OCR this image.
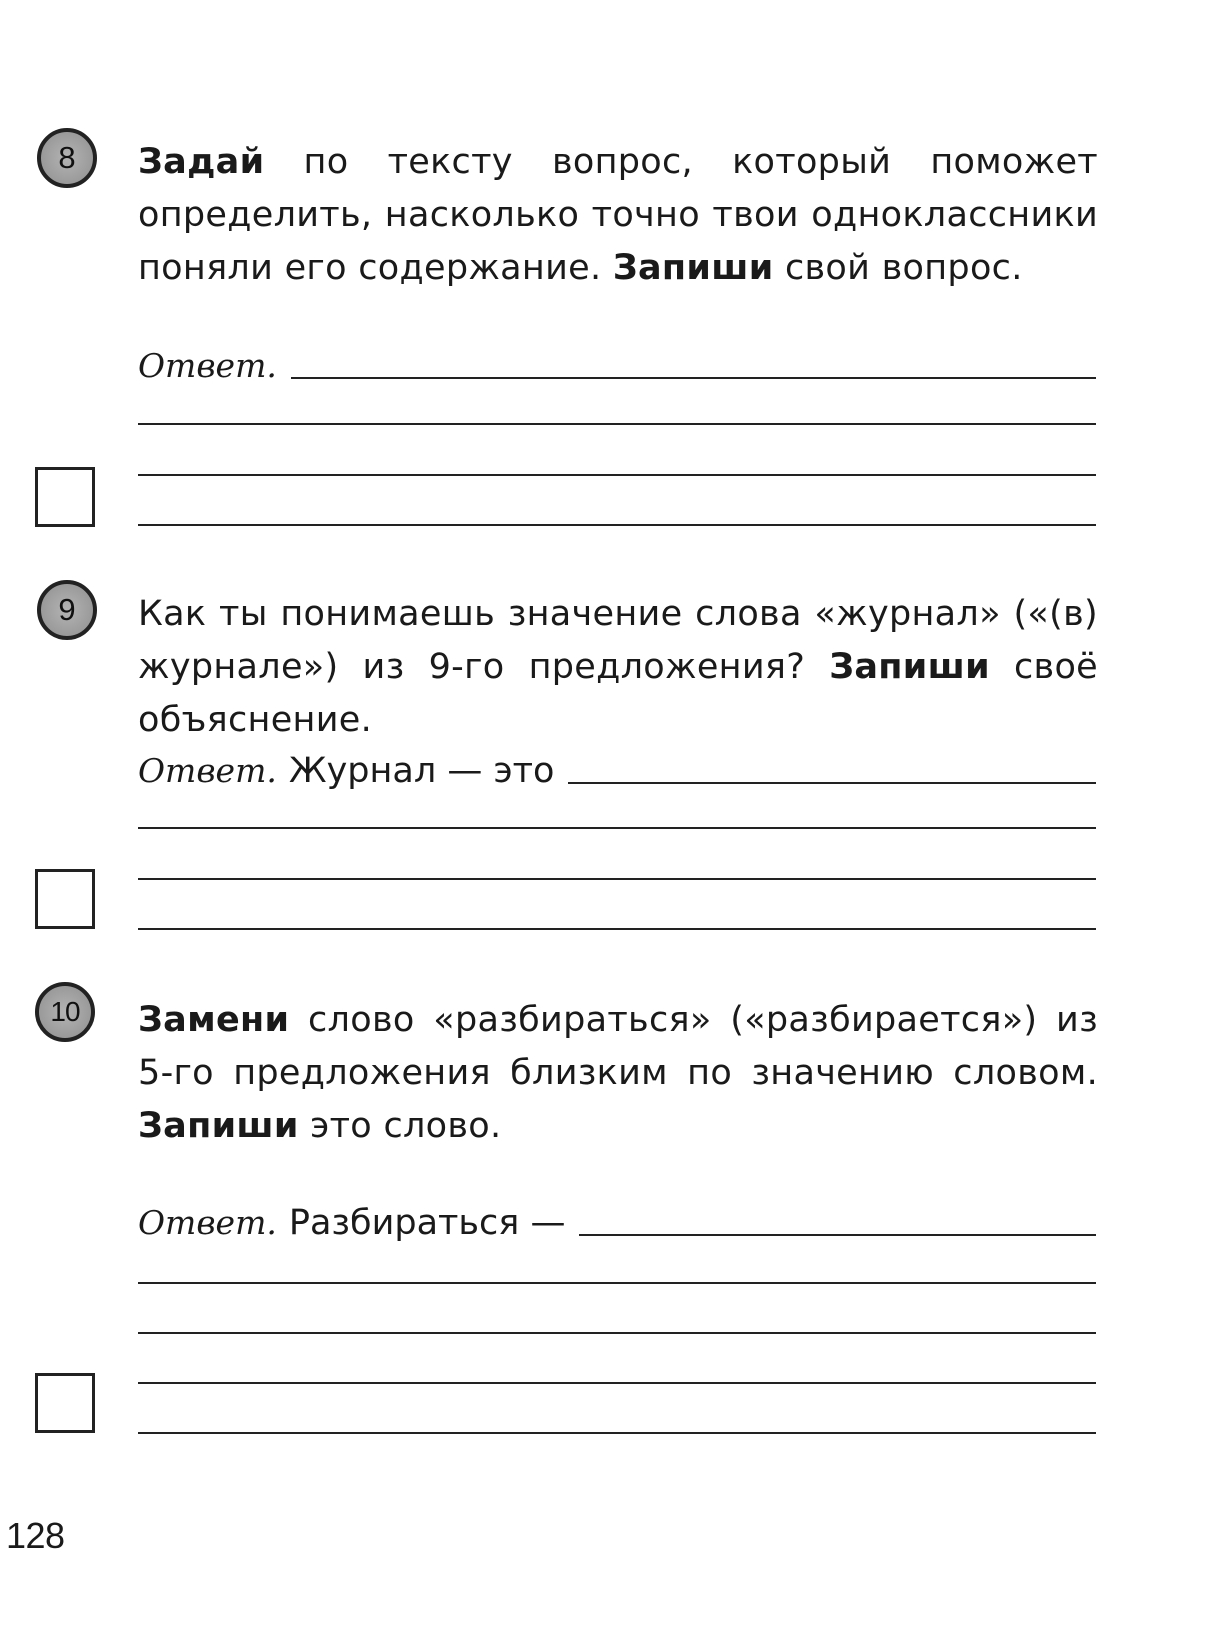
8 Задай по тексту вопрос, который поможет определить, насколько точно твои одноклассники поняли его содержание. Запиши свой вопрос.
Ответ.
9 Как ты понимаешь значение слова «журнал» («(в) журнале») из 9-го предложения? Запиши своё объяснение.
Ответ. Журнал — это
10 Замени слово «разбираться» («разбирается») из 5-го предложения близким по значению словом. Запиши это слово.
Ответ. Разбираться —
128
